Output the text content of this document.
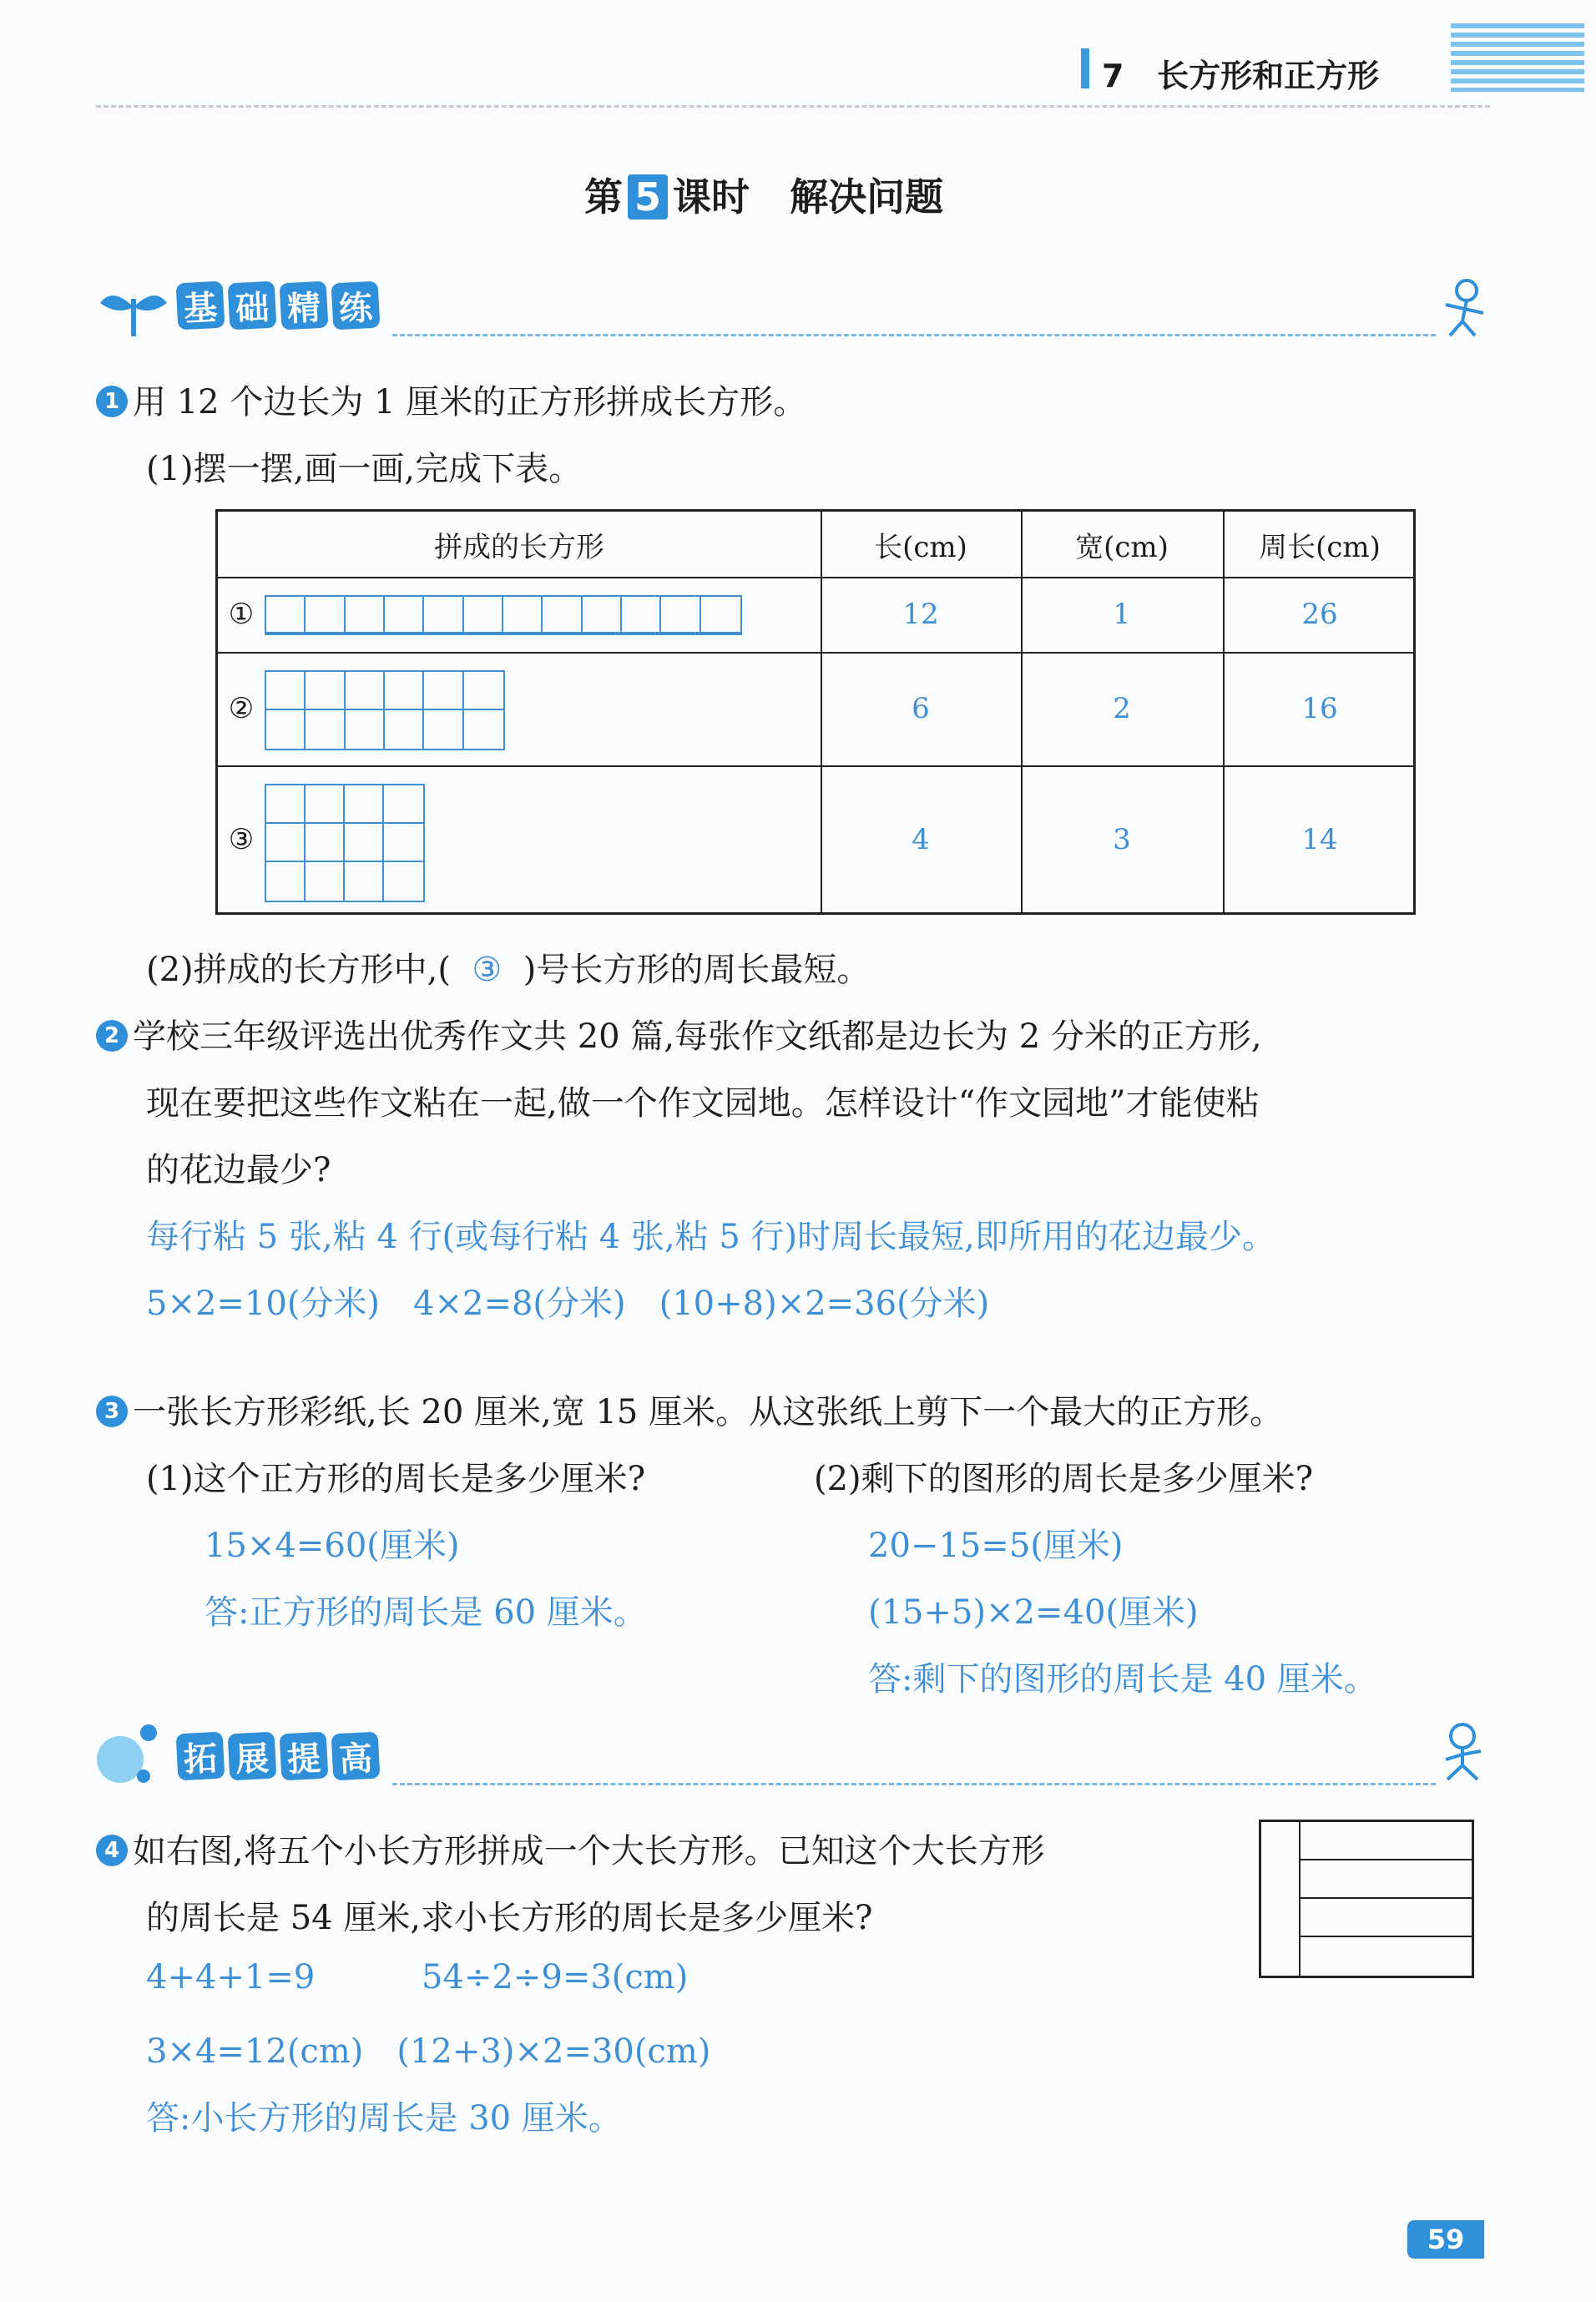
7 长方形和正方形
第 5 课时 解决问题
基 础 精 练
1 用 12 个边长为 1 厘米的正方形拼成长方形。
(1)摆一摆,画一画,完成下表。
拼成的长方形	长(cm)	宽(cm)	周长(cm)
①	12	1	26
②	6	2	16
③	4	3	14
(2)拼成的长方形中,( ③ )号长方形的周长最短。
2 学校三年级评选出优秀作文共 20 篇,每张作文纸都是边长为 2 分米的正方形,
现在要把这些作文粘在一起,做一个作文园地。怎样设计“作文园地”才能使粘
的花边最少?
每行粘 5 张,粘 4 行(或每行粘 4 张,粘 5 行)时周长最短,即所用的花边最少。
5×2=10(分米)　4×2=8(分米)　(10+8)×2=36(分米)
3 一张长方形彩纸,长 20 厘米,宽 15 厘米。从这张纸上剪下一个最大的正方形。
(1)这个正方形的周长是多少厘米?	(2)剩下的图形的周长是多少厘米?
15×4=60(厘米)
答:正方形的周长是 60 厘米。
20−15=5(厘米)
(15+5)×2=40(厘米)
答:剩下的图形的周长是 40 厘米。
拓 展 提 高
4 如右图,将五个小长方形拼成一个大长方形。已知这个大长方形
的周长是 54 厘米,求小长方形的周长是多少厘米?
4+4+1=9	54÷2÷9=3(cm)
3×4=12(cm)　(12+3)×2=30(cm)
答:小长方形的周长是 30 厘米。
59
